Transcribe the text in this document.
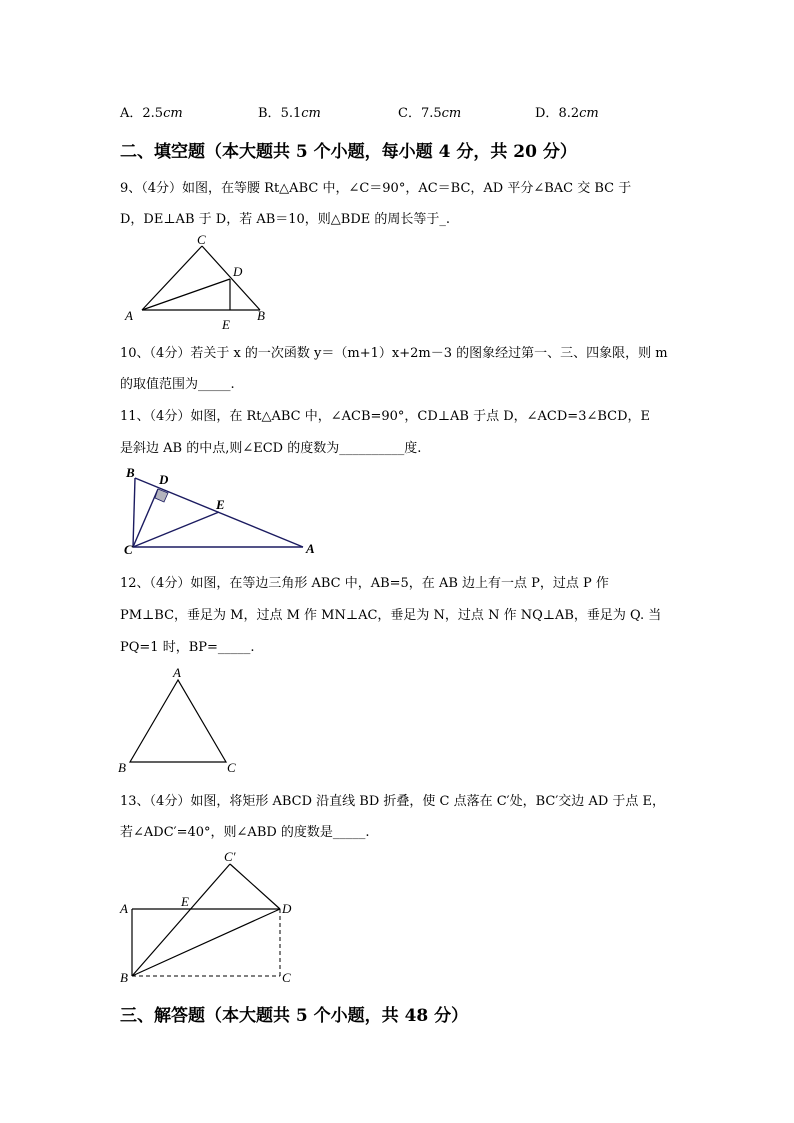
A．2.5cm	B．5.1cm	C．7.5cm	D．8.2cm
二、填空题（本大题共 5 个小题，每小题 4 分，共 20 分）
9、（4分）如图，在等腰 Rt△ABC 中，∠C＝90°，AC＝BC，AD 平分∠BAC 交 BC 于
D，DE⊥AB 于 D，若 AB＝10，则△BDE 的周长等于_.
A	B
C
D
E
10、（4分）若关于 x 的一次函数 y＝（m+1）x+2m－3 的图象经过第一、三、四象限，则 m
的取值范围为_____.
11、（4分）如图，在 Rt△ABC 中，∠ACB=90°，CD⊥AB 于点 D，∠ACD=3∠BCD，E
是斜边 AB 的中点,则∠ECD 的度数为__________度.
B D
E
C	A
12、（4分）如图，在等边三角形 ABC 中，AB=5，在 AB 边上有一点 P，过点 P 作
PM⊥BC，垂足为 M，过点 M 作 MN⊥AC，垂足为 N，过点 N 作 NQ⊥AB，垂足为 Q. 当
PQ=1 时，BP=_____.
A
B	C
13、（4分）如图，将矩形 ABCD 沿直线 BD 折叠，使 C 点落在 C′处，BC′交边 AD 于点 E，
若∠ADC′=40°，则∠ABD 的度数是_____.
C′
A	E	D
B	C
三、解答题（本大题共 5 个小题，共 48 分）
